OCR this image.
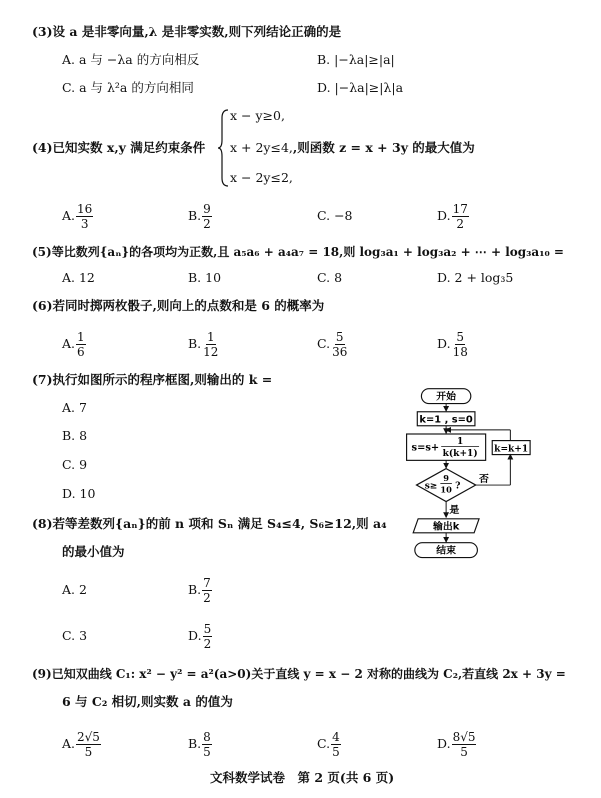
(3)设 a 是非零向量,λ 是非零实数,则下列结论正确的是
A. a 与 −λa 的方向相反	B. |−λa|≥|a|
C. a 与 λ²a 的方向相同	D. |−λa|≥|λ|a
(4)已知实数 x,y 满足约束条件
x − y≥0,
x + 2y≤4,,则函数 z = x + 3y 的最大值为
x − 2y≤2,
A. $\frac{16}{3}$	B. $\frac{9}{2}$	C. −8	D. $\frac{17}{2}$
(5)等比数列{aₙ}的各项均为正数,且 a₅a₆ + a₄a₇ = 18,则 log₃a₁ + log₃a₂ + ⋯ + log₃a₁₀ =
A. 12	B. 10	C. 8	D. 2 + log₃5
(6)若同时掷两枚骰子,则向上的点数和是 6 的概率为
A. $\frac{1}{6}$	B. $\frac{1}{12}$	C. $\frac{5}{36}$	D. $\frac{5}{18}$
(7)执行如图所示的程序框图,则输出的 k =
A. 7
B. 8
C. 9
D. 10
开始
k=1 , s=0
s=s+
1
k(k+1)
s≥
9
10 ?
否
k=k+1
是
输出k
结束
(8)若等差数列{aₙ}的前 n 项和 Sₙ 满足 S₄≤4, S₆≥12,则 a₄
的最小值为
A. 2	B. $\frac{7}{2}$
C. 3	D. $\frac{5}{2}$
(9)已知双曲线 C₁: x² − y² = a²(a>0)关于直线 y = x − 2 对称的曲线为 C₂,若直线 2x + 3y =
6 与 C₂ 相切,则实数 a 的值为
A. $\frac{2√5}{5}$	B. $\frac{8}{5}$	C. $\frac{4}{5}$	D. $\frac{8√5}{5}$
文科数学试卷　第 2 页(共 6 页)
